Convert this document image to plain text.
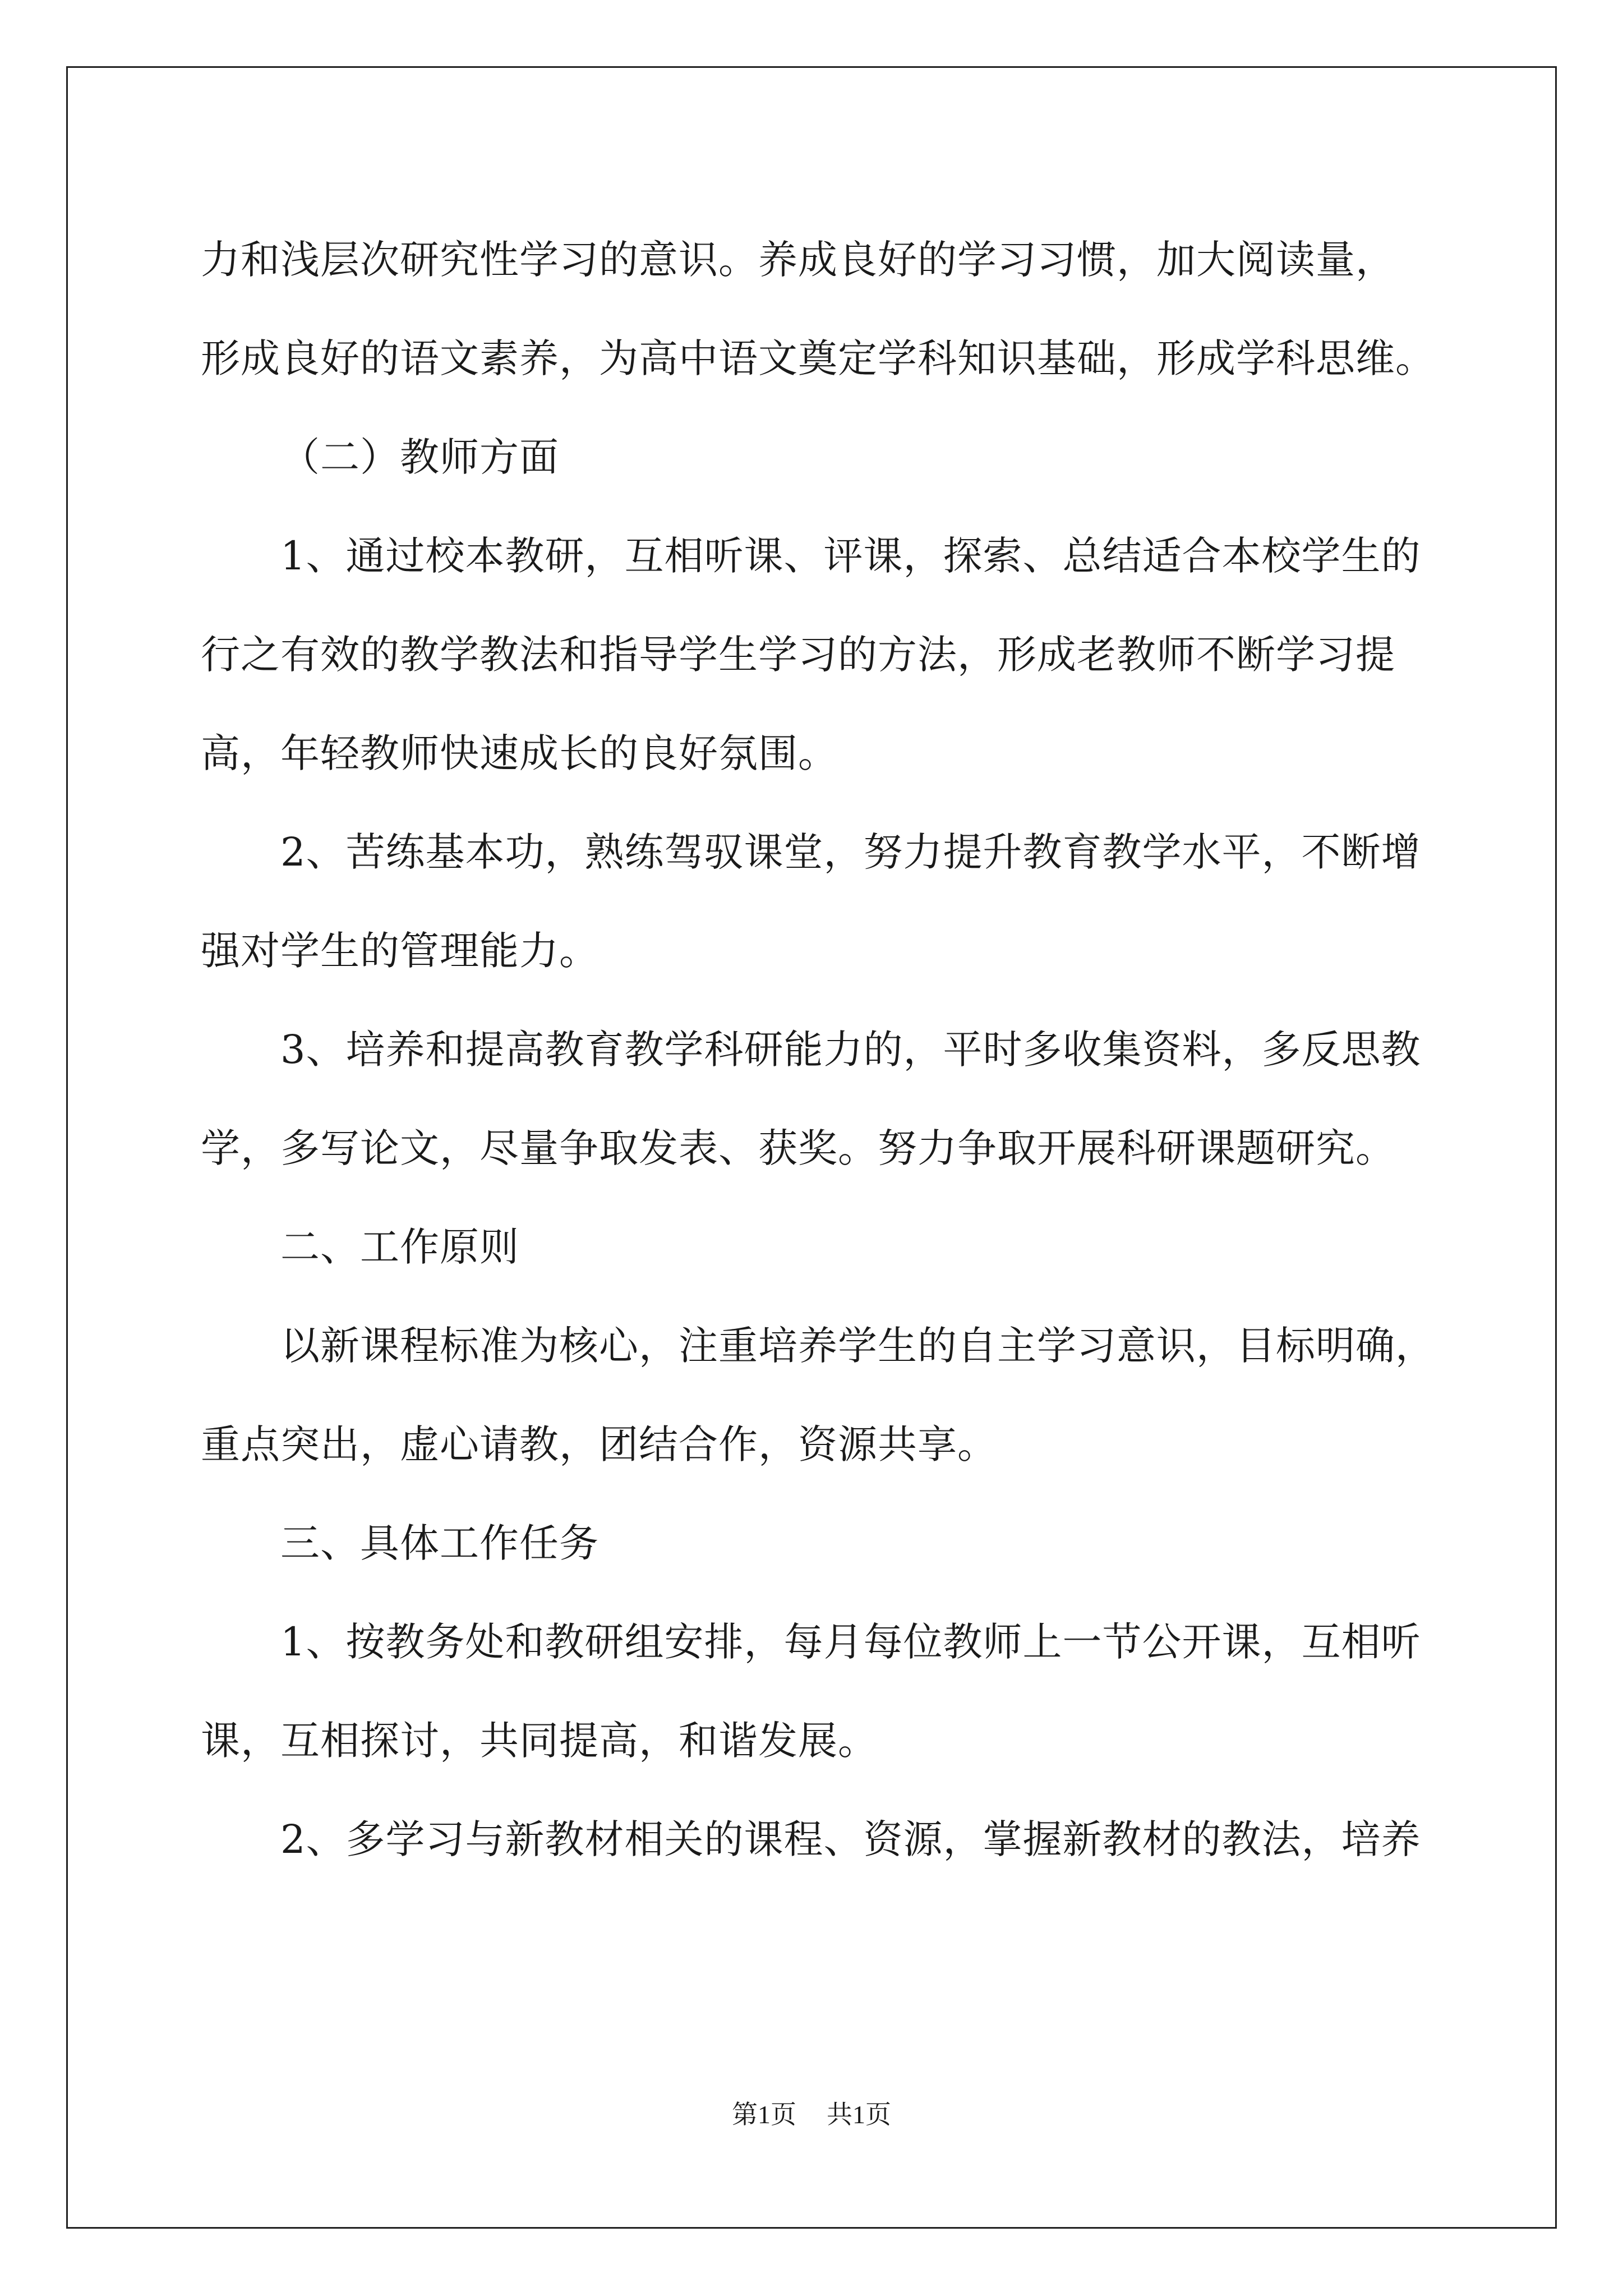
力和浅层次研究性学习的意识。养成良好的学习习惯，加大阅读量，
形成良好的语文素养，为高中语文奠定学科知识基础，形成学科思维。
（二）教师方面
1、通过校本教研，互相听课、评课，探索、总结适合本校学生的
行之有效的教学教法和指导学生学习的方法，形成老教师不断学习提
高，年轻教师快速成长的良好氛围。
2、苦练基本功，熟练驾驭课堂，努力提升教育教学水平，不断增
强对学生的管理能力。
3、培养和提高教育教学科研能力的，平时多收集资料，多反思教
学，多写论文，尽量争取发表、获奖。努力争取开展科研课题研究。
二、工作原则
以新课程标准为核心，注重培养学生的自主学习意识，目标明确，
重点突出，虚心请教，团结合作，资源共享。
三、具体工作任务
1、按教务处和教研组安排，每月每位教师上一节公开课，互相听
课，互相探讨，共同提高，和谐发展。
2、多学习与新教材相关的课程、资源，掌握新教材的教法，培养
第1页 共1页
